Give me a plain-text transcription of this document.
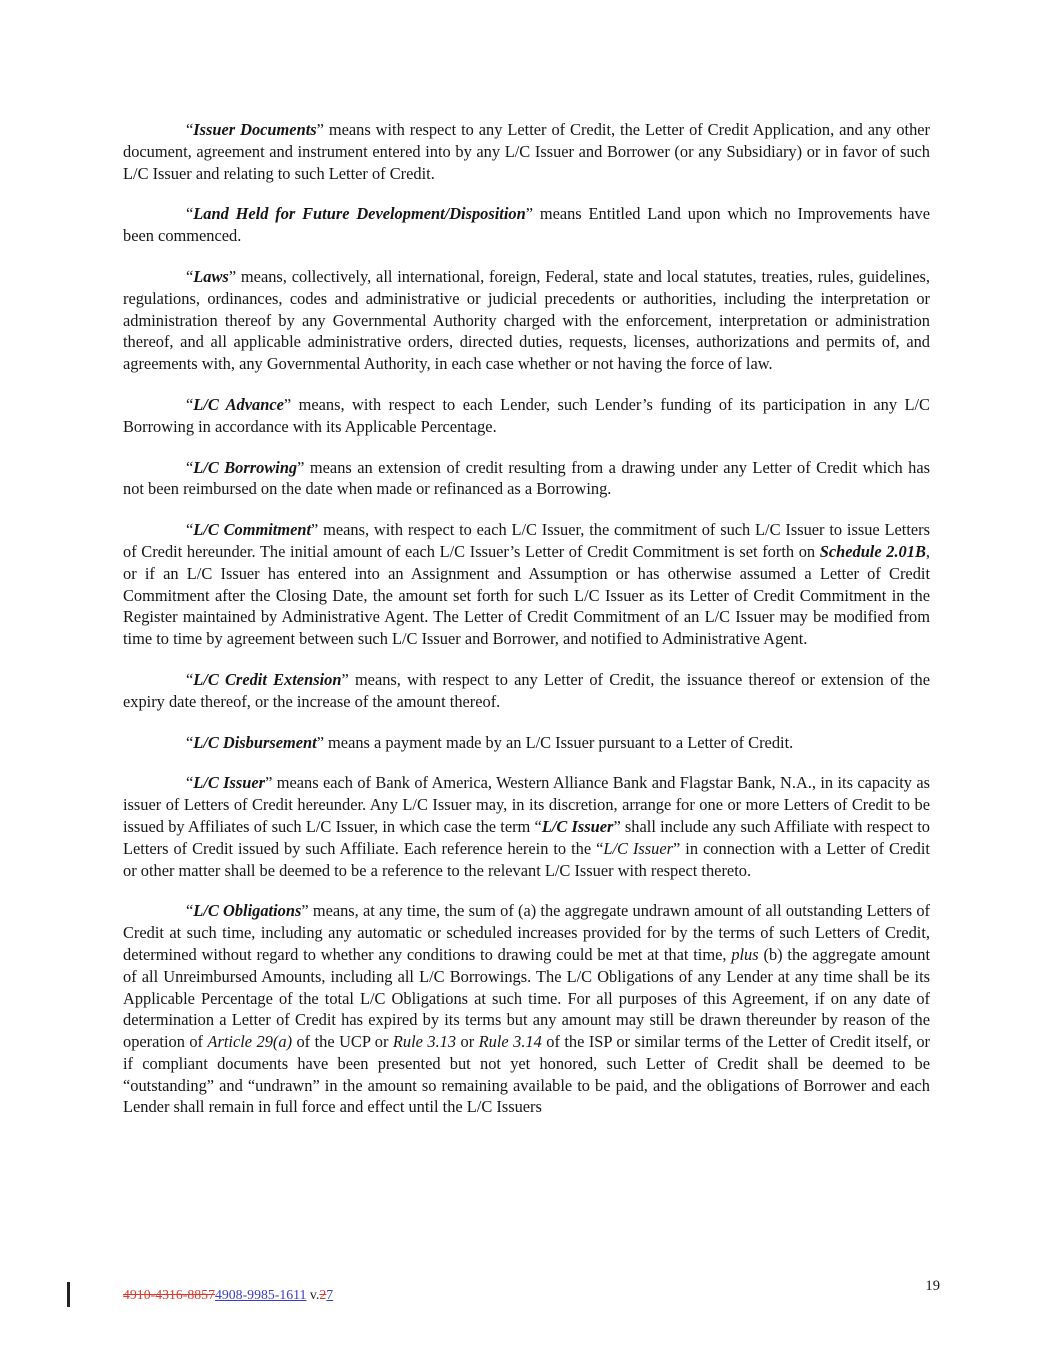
“Issuer Documents” means with respect to any Letter of Credit, the Letter of Credit Application, and any other document, agreement and instrument entered into by any L/C Issuer and Borrower (or any Subsidiary) or in favor of such L/C Issuer and relating to such Letter of Credit.

“Land Held for Future Development/Disposition” means Entitled Land upon which no Improvements have been commenced.

“Laws” means, collectively, all international, foreign, Federal, state and local statutes, treaties, rules, guidelines, regulations, ordinances, codes and administrative or judicial precedents or authorities, including the interpretation or administration thereof by any Governmental Authority charged with the enforcement, interpretation or administration thereof, and all applicable administrative orders, directed duties, requests, licenses, authorizations and permits of, and agreements with, any Governmental Authority, in each case whether or not having the force of law.

“L/C Advance” means, with respect to each Lender, such Lender’s funding of its participation in any L/C Borrowing in accordance with its Applicable Percentage.

“L/C Borrowing” means an extension of credit resulting from a drawing under any Letter of Credit which has not been reimbursed on the date when made or refinanced as a Borrowing.

“L/C Commitment” means, with respect to each L/C Issuer, the commitment of such L/C Issuer to issue Letters of Credit hereunder. The initial amount of each L/C Issuer’s Letter of Credit Commitment is set forth on Schedule 2.01B, or if an L/C Issuer has entered into an Assignment and Assumption or has otherwise assumed a Letter of Credit Commitment after the Closing Date, the amount set forth for such L/C Issuer as its Letter of Credit Commitment in the Register maintained by Administrative Agent. The Letter of Credit Commitment of an L/C Issuer may be modified from time to time by agreement between such L/C Issuer and Borrower, and notified to Administrative Agent.

“L/C Credit Extension” means, with respect to any Letter of Credit, the issuance thereof or extension of the expiry date thereof, or the increase of the amount thereof.

“L/C Disbursement” means a payment made by an L/C Issuer pursuant to a Letter of Credit.

“L/C Issuer” means each of Bank of America, Western Alliance Bank and Flagstar Bank, N.A., in its capacity as issuer of Letters of Credit hereunder. Any L/C Issuer may, in its discretion, arrange for one or more Letters of Credit to be issued by Affiliates of such L/C Issuer, in which case the term “L/C Issuer” shall include any such Affiliate with respect to Letters of Credit issued by such Affiliate. Each reference herein to the “L/C Issuer” in connection with a Letter of Credit or other matter shall be deemed to be a reference to the relevant L/C Issuer with respect thereto.

“L/C Obligations” means, at any time, the sum of (a) the aggregate undrawn amount of all outstanding Letters of Credit at such time, including any automatic or scheduled increases provided for by the terms of such Letters of Credit, determined without regard to whether any conditions to drawing could be met at that time, plus (b) the aggregate amount of all Unreimbursed Amounts, including all L/C Borrowings. The L/C Obligations of any Lender at any time shall be its Applicable Percentage of the total L/C Obligations at such time. For all purposes of this Agreement, if on any date of determination a Letter of Credit has expired by its terms but any amount may still be drawn thereunder by reason of the operation of Article 29(a) of the UCP or Rule 3.13 or Rule 3.14 of the ISP or similar terms of the Letter of Credit itself, or if compliant documents have been presented but not yet honored, such Letter of Credit shall be deemed to be “outstanding” and “undrawn” in the amount so remaining available to be paid, and the obligations of Borrower and each Lender shall remain in full force and effect until the L/C Issuers

4910-4316-88574908-9985-1611 v.27
19
